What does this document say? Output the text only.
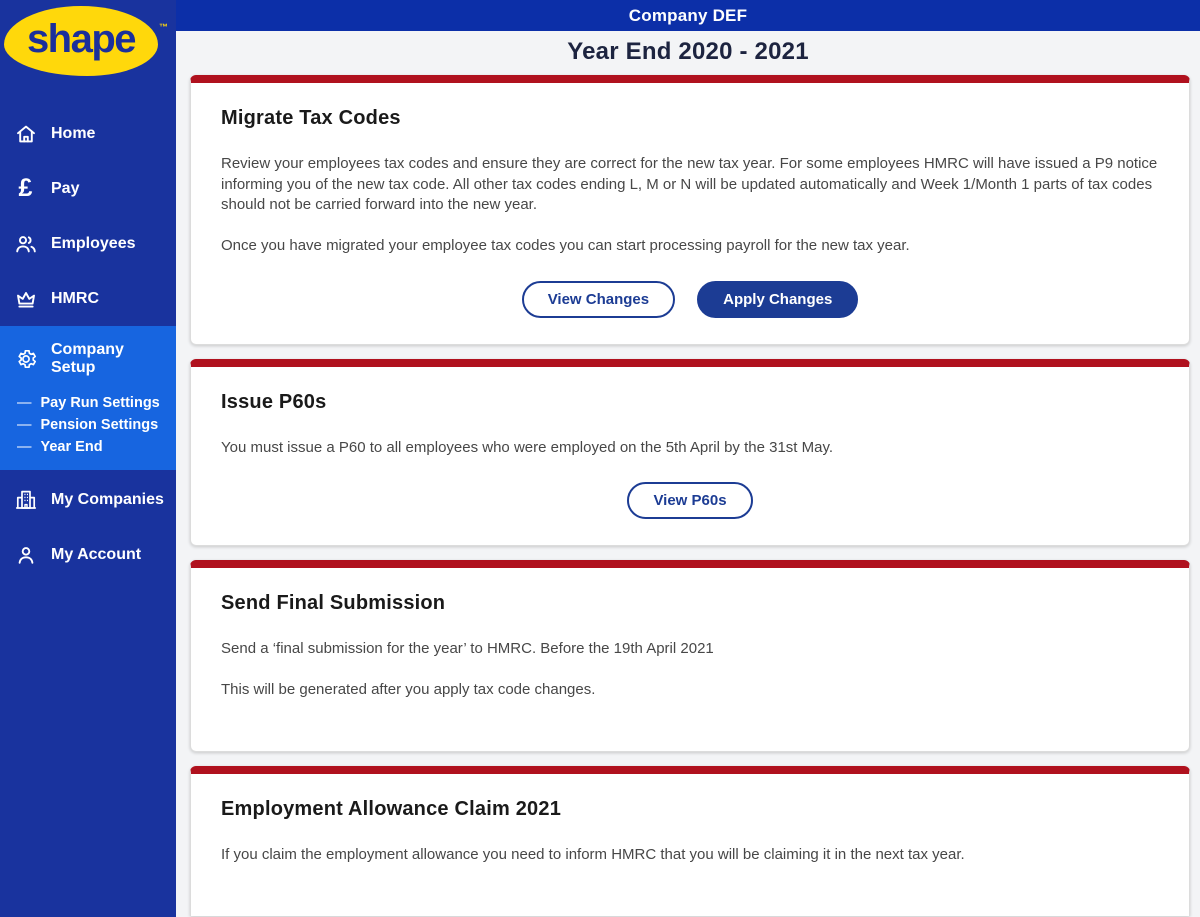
shape	™
Home
£ Pay
Employees
HMRC
Company Setup
— Pay Run Settings
— Pension Settings
— Year End
My Companies
My Account
Company DEF
Year End 2020 - 2021
Migrate Tax Codes

Review your employees tax codes and ensure they are correct for the new tax year. For some employees HMRC will have issued a P9 notice informing you of the new tax code. All other tax codes ending L, M or N will be updated automatically and Week 1/Month 1 parts of tax codes should not be carried forward into the new year.

Once you have migrated your employee tax codes you can start processing payroll for the new tax year.

View Changes	Apply Changes
Issue P60s

You must issue a P60 to all employees who were employed on the 5th April by the 31st May.

View P60s
Send Final Submission

Send a ‘final submission for the year’ to HMRC. Before the 19th April 2021

This will be generated after you apply tax code changes.

Employment Allowance Claim 2021

If you claim the employment allowance you need to inform HMRC that you will be claiming it in the next tax year.
